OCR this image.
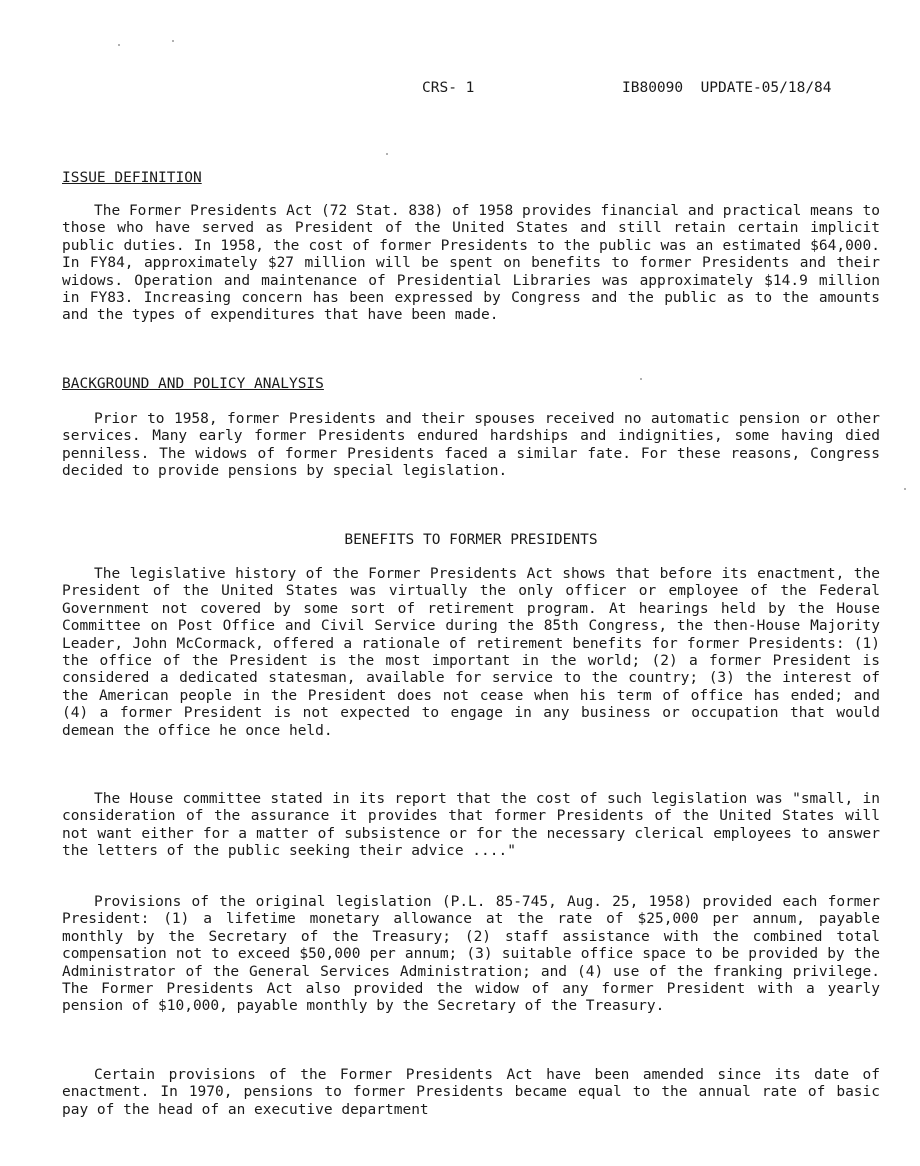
CRS- 1	IB80090  UPDATE-05/18/84
ISSUE DEFINITION

The Former Presidents Act (72 Stat. 838) of 1958 provides financial and practical means to those who have served as President of the United States and still retain certain implicit public duties. In 1958, the cost of former Presidents to the public was an estimated $64,000. In FY84, approximately $27 million will be spent on benefits to former Presidents and their widows. Operation and maintenance of Presidential Libraries was approximately $14.9 million in FY83. Increasing concern has been expressed by Congress and the public as to the amounts and the types of expenditures that have been made.

BACKGROUND AND POLICY ANALYSIS

Prior to 1958, former Presidents and their spouses received no automatic pension or other services. Many early former Presidents endured hardships and indignities, some having died penniless. The widows of former Presidents faced a similar fate. For these reasons, Congress decided to provide pensions by special legislation.

BENEFITS TO FORMER PRESIDENTS

The legislative history of the Former Presidents Act shows that before its enactment, the President of the United States was virtually the only officer or employee of the Federal Government not covered by some sort of retirement program. At hearings held by the House Committee on Post Office and Civil Service during the 85th Congress, the then-House Majority Leader, John McCormack, offered a rationale of retirement benefits for former Presidents: (1) the office of the President is the most important in the world; (2) a former President is considered a dedicated statesman, available for service to the country; (3) the interest of the American people in the President does not cease when his term of office has ended; and (4) a former President is not expected to engage in any business or occupation that would demean the office he once held.

The House committee stated in its report that the cost of such legislation was "small, in consideration of the assurance it provides that former Presidents of the United States will not want either for a matter of subsistence or for the necessary clerical employees to answer the letters of the public seeking their advice ...."

Provisions of the original legislation (P.L. 85-745, Aug. 25, 1958) provided each former President: (1) a lifetime monetary allowance at the rate of $25,000 per annum, payable monthly by the Secretary of the Treasury; (2) staff assistance with the combined total compensation not to exceed $50,000 per annum; (3) suitable office space to be provided by the Administrator of the General Services Administration; and (4) use of the franking privilege. The Former Presidents Act also provided the widow of any former President with a yearly pension of $10,000, payable monthly by the Secretary of the Treasury.

Certain provisions of the Former Presidents Act have been amended since its date of enactment. In 1970, pensions to former Presidents became equal to the annual rate of basic pay of the head of an executive department
